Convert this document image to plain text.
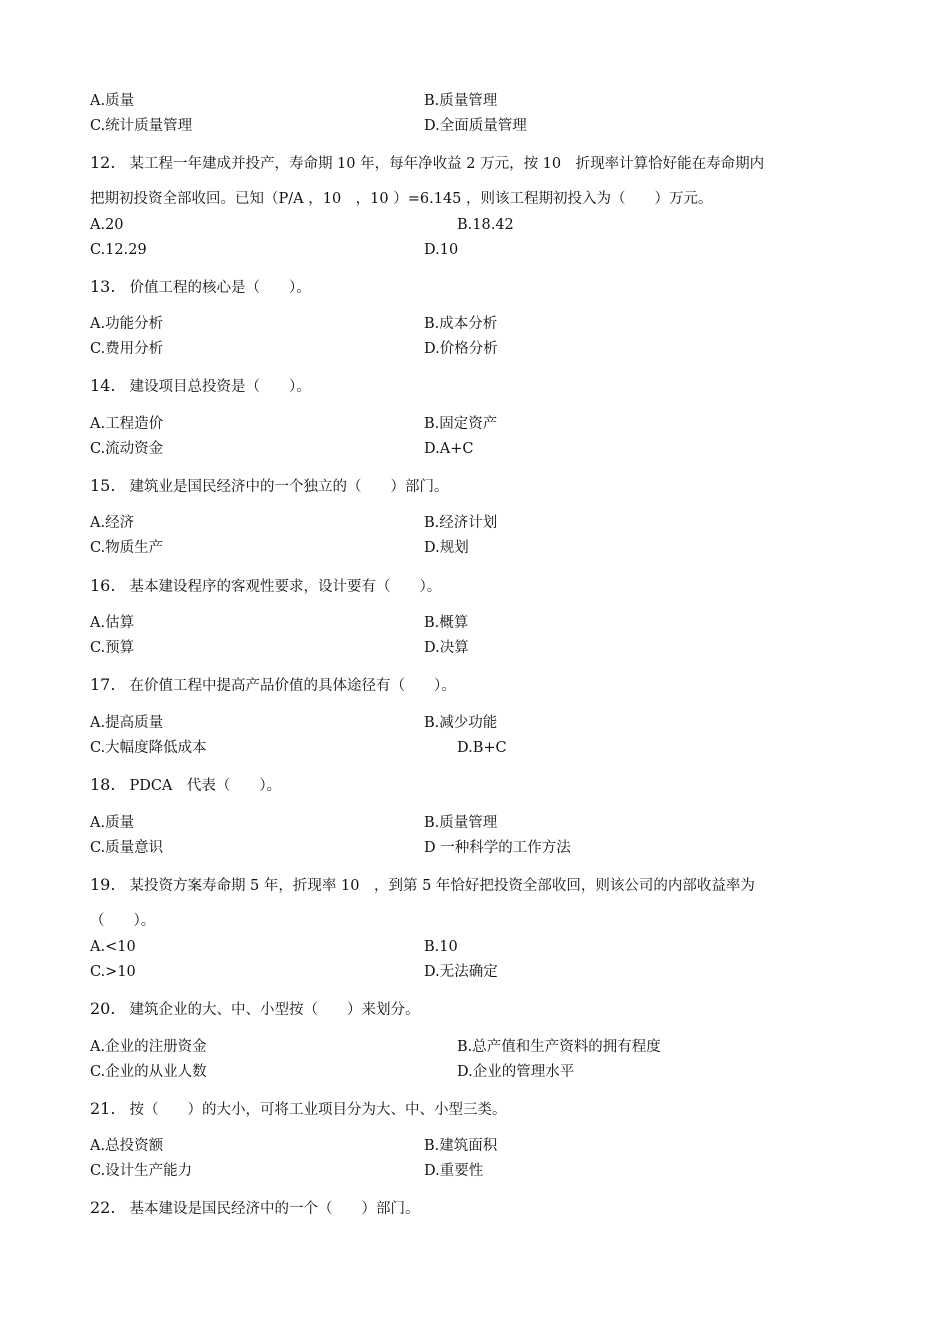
A.质量	B.质量管理
C.统计质量管理	D.全面质量管理
12. 某工程一年建成并投产，寿命期 10 年，每年净收益 2 万元，按 10　折现率计算恰好能在寿命期内
把期初投资全部收回。已知（P/A ，10　，10 ）=6.145 ，则该工程期初投入为（　　）万元。
A.20	B.18.42
C.12.29	D.10
13. 价值工程的核心是（　　）。
A.功能分析	B.成本分析
C.费用分析	D.价格分析
14. 建设项目总投资是（　　）。
A.工程造价	B.固定资产
C.流动资金	D.A+C
15. 建筑业是国民经济中的一个独立的（　　）部门。
A.经济	B.经济计划
C.物质生产	D.规划
16. 基本建设程序的客观性要求，设计要有（　　）。
A.估算	B.概算
C.预算	D.决算
17. 在价值工程中提高产品价值的具体途径有（　　）。
A.提高质量	B.减少功能
C.大幅度降低成本	D.B+C
18. PDCA　代表（　　）。
A.质量	B.质量管理
C.质量意识	D 一种科学的工作方法
19. 某投资方案寿命期 5 年，折现率 10　，到第 5 年恰好把投资全部收回，则该公司的内部收益率为
（　　）。
A.<10	B.10
C.>10	D.无法确定
20. 建筑企业的大、中、小型按（　　）来划分。
A.企业的注册资金	B.总产值和生产资料的拥有程度
C.企业的从业人数	D.企业的管理水平
21. 按（　　）的大小，可将工业项目分为大、中、小型三类。
A.总投资额	B.建筑面积
C.设计生产能力	D.重要性
22. 基本建设是国民经济中的一个（　　）部门。
